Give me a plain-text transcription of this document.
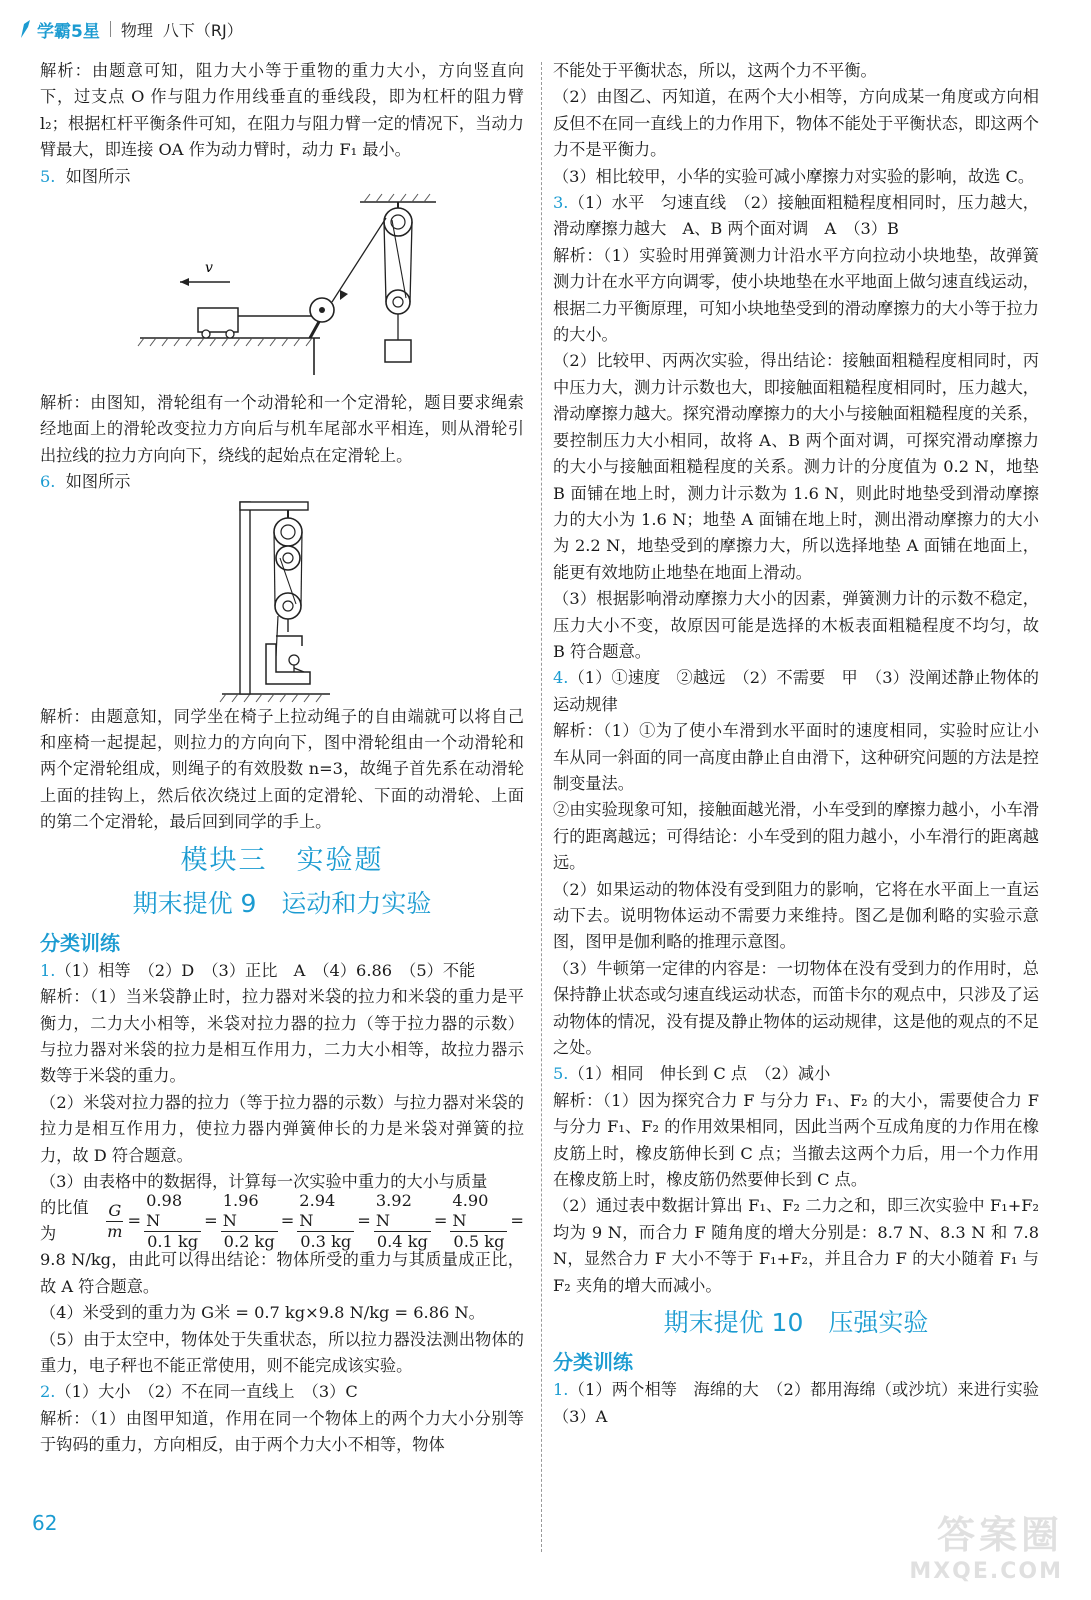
学霸5星 物理 八下（RJ）

解析：由题意可知，阻力大小等于重物的重力大小，方向竖直向下，过支点 O 作与阻力作用线垂直的垂线段，即为杠杆的阻力臂 l₂；根据杠杆平衡条件可知，在阻力与阻力臂一定的情况下，当动力臂最大，即连接 OA 作为动力臂时，动力 F₁ 最小。

5. 如图所示

v

解析：由图知，滑轮组有一个动滑轮和一个定滑轮，题目要求绳索经地面上的滑轮改变拉力方向后与机车尾部水平相连，则从滑轮引出拉线的拉力方向向下，绕线的起始点在定滑轮上。

6. 如图所示

解析：由题意知，同学坐在椅子上拉动绳子的自由端就可以将自己和座椅一起提起，则拉力的方向向下，图中滑轮组由一个动滑轮和两个定滑轮组成，则绳子的有效股数 n=3，故绳子首先系在动滑轮上面的挂钩上，然后依次绕过上面的定滑轮、下面的动滑轮、上面的第二个定滑轮，最后回到同学的手上。

模块三　实验题
期末提优 9　运动和力实验

分类训练

1.（1）相等　（2）D　（3）正比　A　（4）6.86　（5）不能

解析：（1）当米袋静止时，拉力器对米袋的拉力和米袋的重力是平衡力，二力大小相等，米袋对拉力器的拉力（等于拉力器的示数）与拉力器对米袋的拉力是相互作用力，二力大小相等，故拉力器示数等于米袋的重力。

（2）米袋对拉力器的拉力（等于拉力器的示数）与拉力器对米袋的拉力是相互作用力，使拉力器内弹簧伸长的力是米袋对弹簧的拉力，故 D 符合题意。

（3）由表格中的数据得，计算每一次实验中重力的大小与质量

的比值为	$\frac{G}{m} = \frac{0.98 N}{0.1 kg} = \frac{1.96 N}{0.2 kg} = \frac{2.94 N}{0.3 kg} = \frac{3.92 N}{0.4 kg} = \frac{4.90 N}{0.5 kg}$ =

9.8 N/kg，由此可以得出结论：物体所受的重力与其质量成正比，故 A 符合题意。

（4）米受到的重力为 G米 = 0.7 kg×9.8 N/kg = 6.86 N。

（5）由于太空中，物体处于失重状态，所以拉力器没法测出物体的重力，电子秤也不能正常使用，则不能完成该实验。

2.（1）大小　（2）不在同一直线上　（3）C

解析：（1）由图甲知道，作用在同一个物体上的两个力大小分别等于钩码的重力，方向相反，由于两个力大小不相等，物体

不能处于平衡状态，所以，这两个力不平衡。

（2）由图乙、丙知道，在两个大小相等，方向成某一角度或方向相反但不在同一直线上的力作用下，物体不能处于平衡状态，即这两个力不是平衡力。

（3）相比较甲，小华的实验可减小摩擦力对实验的影响，故选 C。

3.（1）水平　匀速直线　（2）接触面粗糙程度相同时，压力越大，滑动摩擦力越大　A、B 两个面对调　A　（3）B

解析：（1）实验时用弹簧测力计沿水平方向拉动小块地垫，故弹簧测力计在水平方向调零，使小块地垫在水平地面上做匀速直线运动，根据二力平衡原理，可知小块地垫受到的滑动摩擦力的大小等于拉力的大小。

（2）比较甲、丙两次实验，得出结论：接触面粗糙程度相同时，丙中压力大，测力计示数也大，即接触面粗糙程度相同时，压力越大，滑动摩擦力越大。探究滑动摩擦力的大小与接触面粗糙程度的关系，要控制压力大小相同，故将 A、B 两个面对调，可探究滑动摩擦力的大小与接触面粗糙程度的关系。测力计的分度值为 0.2 N，地垫 B 面铺在地上时，测力计示数为 1.6 N，则此时地垫受到滑动摩擦力的大小为 1.6 N；地垫 A 面铺在地上时，测出滑动摩擦力的大小为 2.2 N，地垫受到的摩擦力大，所以选择地垫 A 面铺在地面上，能更有效地防止地垫在地面上滑动。

（3）根据影响滑动摩擦力大小的因素，弹簧测力计的示数不稳定，压力大小不变，故原因可能是选择的木板表面粗糙程度不均匀，故 B 符合题意。

4.（1）①速度　②越远　（2）不需要　甲　（3）没阐述静止物体的运动规律

解析：（1）①为了使小车滑到水平面时的速度相同，实验时应让小车从同一斜面的同一高度由静止自由滑下，这种研究问题的方法是控制变量法。

②由实验现象可知，接触面越光滑，小车受到的摩擦力越小，小车滑行的距离越远；可得结论：小车受到的阻力越小，小车滑行的距离越远。

（2）如果运动的物体没有受到阻力的影响，它将在水平面上一直运动下去。说明物体运动不需要力来维持。图乙是伽利略的实验示意图，图甲是伽利略的推理示意图。

（3）牛顿第一定律的内容是：一切物体在没有受到力的作用时，总保持静止状态或匀速直线运动状态，而笛卡尔的观点中，只涉及了运动物体的情况，没有提及静止物体的运动规律，这是他的观点的不足之处。

5.（1）相同　伸长到 C 点　（2）减小

解析：（1）因为探究合力 F 与分力 F₁、F₂ 的大小，需要使合力 F 与分力 F₁、F₂ 的作用效果相同，因此当两个互成角度的力作用在橡皮筋上时，橡皮筋伸长到 C 点；当撤去这两个力后，用一个力作用在橡皮筋上时，橡皮筋仍然要伸长到 C 点。

（2）通过表中数据计算出 F₁、F₂ 二力之和，即三次实验中 F₁+F₂ 均为 9 N，而合力 F 随角度的增大分别是：8.7 N、8.3 N 和 7.8 N，显然合力 F 大小不等于 F₁+F₂，并且合力 F 的大小随着 F₁ 与 F₂ 夹角的增大而减小。

期末提优 10　压强实验

分类训练

1.（1）两个相等　海绵的大　（2）都用海绵（或沙坑）来进行实验　（3）A

62	答案圈
MXQE.COM
